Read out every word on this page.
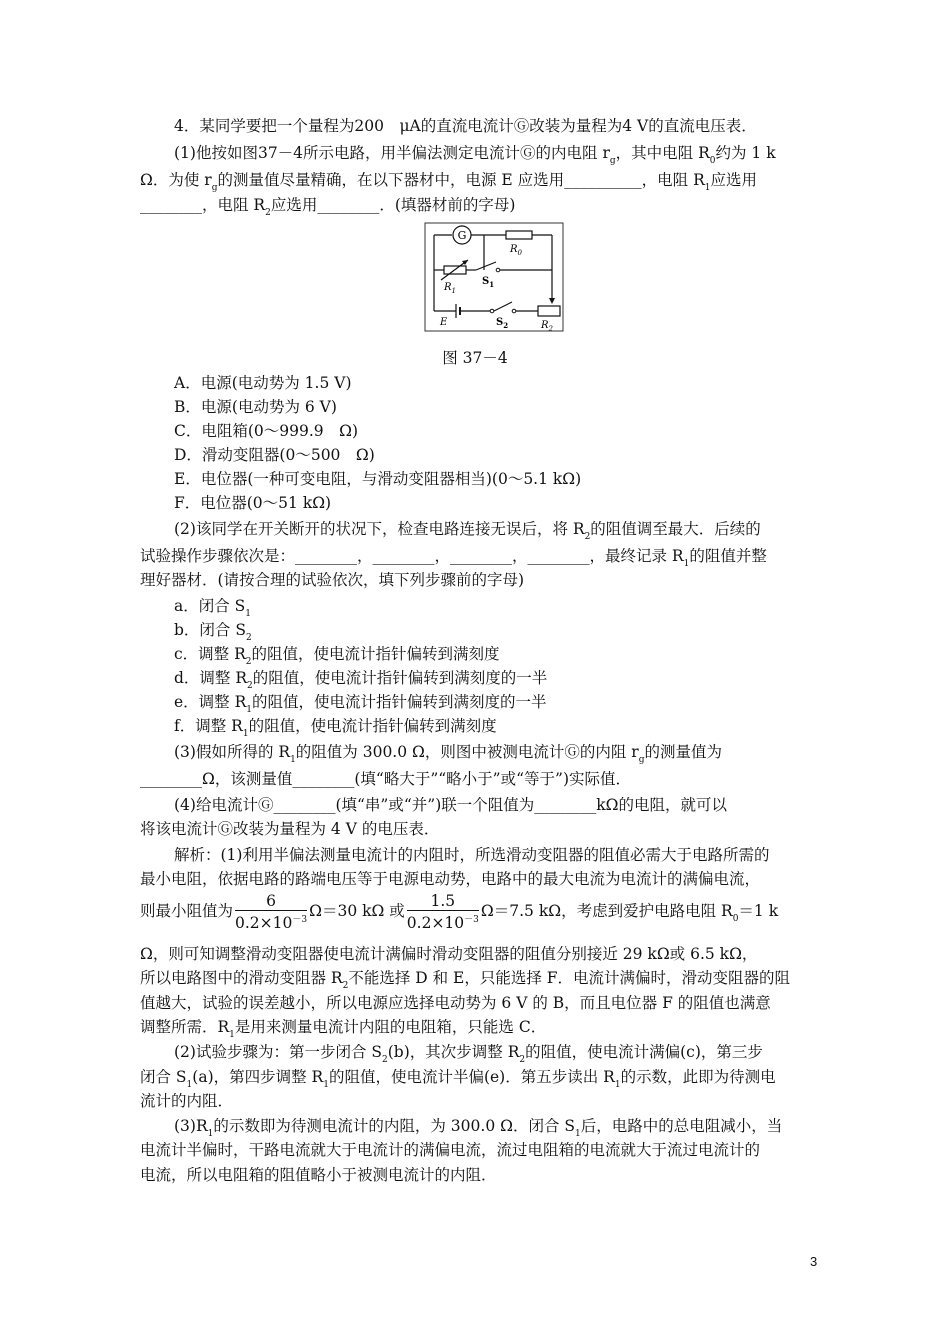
4．某同学要把一个量程为200　μA的直流电流计Ⓖ改装为量程为4 V的直流电压表．
(1)他按如图37－4所示电路，用半偏法测定电流计Ⓖ的内电阻 $r_g$，其中电阻 $R_0$约为 1 k
Ω．为使 $r_g$的测量值尽量精确，在以下器材中，电源 E 应选用__________，电阻 $R_1$应选用
________，电阻 $R_2$应选用________．(填器材前的字母)
G
$R_0$
$R_1$
$S_1$
E	$S_2$	$R_2$
图 37－4
A．电源(电动势为 1.5 V)
B．电源(电动势为 6 V)
C．电阻箱(0～999.9　Ω)
D．滑动变阻器(0～500　Ω)
E．电位器(一种可变电阻，与滑动变阻器相当)(0～5.1 kΩ)
F．电位器(0～51 kΩ)
(2)该同学在开关断开的状况下，检查电路连接无误后，将 $R_2$的阻值调至最大．后续的
试验操作步骤依次是：________，________，________，________，最终记录 $R_1$的阻值并整
理好器材．(请按合理的试验依次，填下列步骤前的字母)
a．闭合 $S_1$
b．闭合 $S_2$
c．调整 $R_2$的阻值，使电流计指针偏转到满刻度
d．调整 $R_2$的阻值，使电流计指针偏转到满刻度的一半
e．调整 $R_1$的阻值，使电流计指针偏转到满刻度的一半
f．调整 $R_1$的阻值，使电流计指针偏转到满刻度
(3)假如所得的 $R_1$的阻值为 300.0 Ω，则图中被测电流计Ⓖ的内阻 $r_g$的测量值为
________Ω，该测量值________(填“略大于”“略小于”或“等于”)实际值．
(4)给电流计Ⓖ________(填“串”或“并”)联一个阻值为________kΩ的电阻，就可以
将该电流计Ⓖ改装为量程为 4 V 的电压表．
解析：(1)利用半偏法测量电流计的内阻时，所选滑动变阻器的阻值必需大于电路所需的
最小电阻，依据电路的路端电压等于电源电动势，电路中的最大电流为电流计的满偏电流，
则最小阻值为 $\frac{6}{0.2\times 10^{-3}} \Omega=30$ kΩ 或 $\frac{1.5}{0.2\times 10^{-3}} \Omega=7.5$ kΩ，考虑到爱护电路电阻 $R_0=1$ k
Ω，则可知调整滑动变阻器使电流计满偏时滑动变阻器的阻值分别接近 29 kΩ或 6.5 kΩ，
所以电路图中的滑动变阻器 $R_2$不能选择 D 和 E，只能选择 F．电流计满偏时，滑动变阻器的阻
值越大，试验的误差越小，所以电源应选择电动势为 6 V 的 B，而且电位器 F 的阻值也满意
调整所需．$R_1$是用来测量电流计内阻的电阻箱，只能选 C．
(2)试验步骤为：第一步闭合 $S_2(b)$，其次步调整 $R_2$的阻值，使电流计满偏(c)，第三步
闭合 $S_1(a)$，第四步调整 $R_1$的阻值，使电流计半偏(e)．第五步读出 $R_1$的示数，此即为待测电
流计的内阻．
$(3)R_1$的示数即为待测电流计的内阻，为 300.0 Ω．闭合 $S_1$后，电路中的总电阻减小，当
电流计半偏时，干路电流就大于电流计的满偏电流，流过电阻箱的电流就大于流过电流计的
电流，所以电阻箱的阻值略小于被测电流计的内阻．
3
